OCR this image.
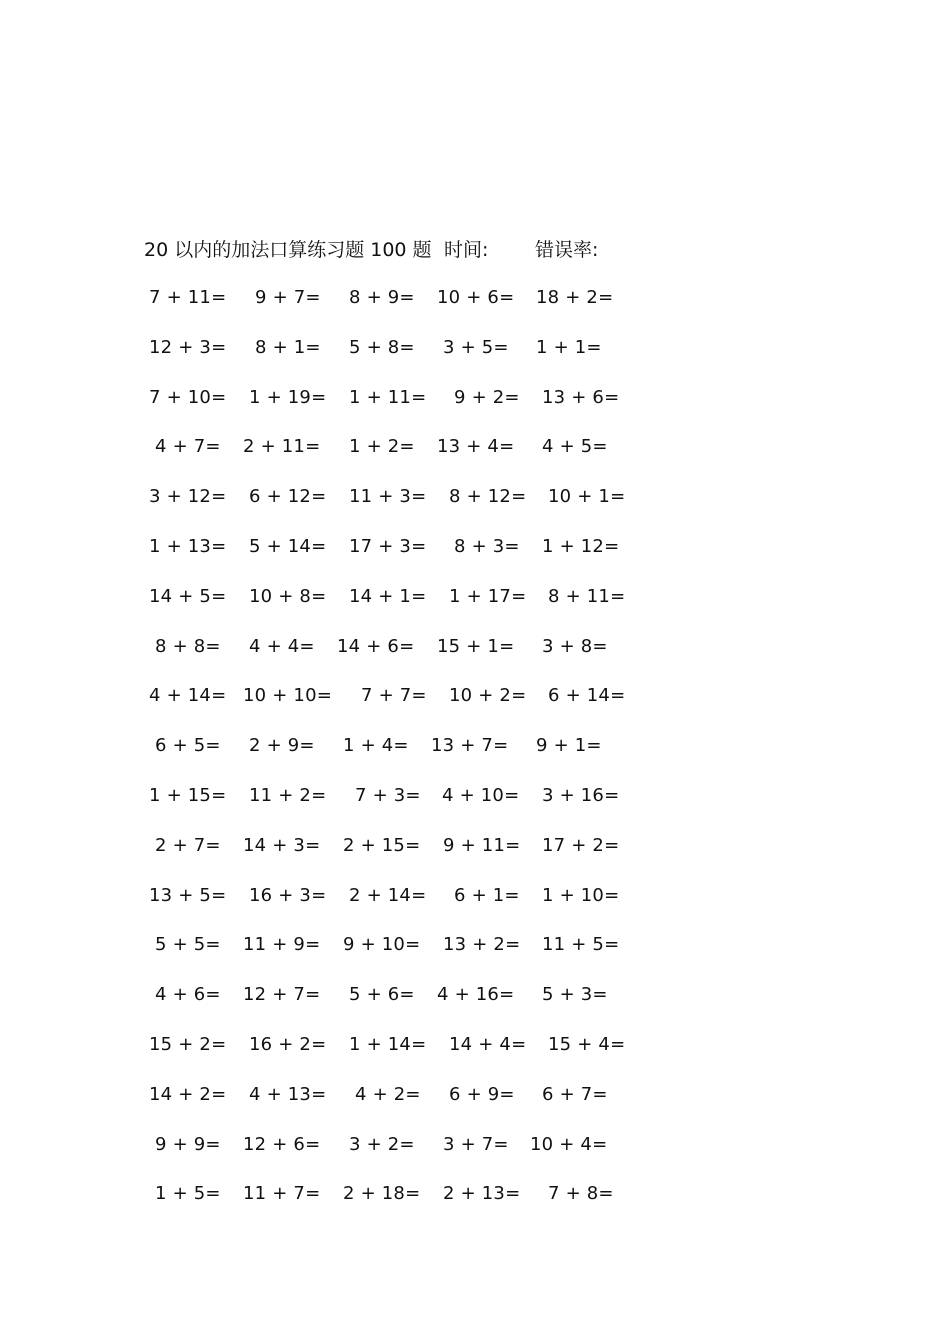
20 以内的加法口算练习题 100 题 时间: 错误率:
7 + 11= 9 + 7= 8 + 9= 10 + 6= 18 + 2=
12 + 3= 8 + 1= 5 + 8= 3 + 5= 1 + 1=
7 + 10= 1 + 19= 1 + 11= 9 + 2= 13 + 6=
4 + 7= 2 + 11= 1 + 2= 13 + 4= 4 + 5=
3 + 12= 6 + 12= 11 + 3= 8 + 12= 10 + 1=
1 + 13= 5 + 14= 17 + 3= 8 + 3= 1 + 12=
14 + 5= 10 + 8= 14 + 1= 1 + 17= 8 + 11=
8 + 8= 4 + 4= 14 + 6= 15 + 1= 3 + 8=
4 + 14= 10 + 10= 7 + 7= 10 + 2= 6 + 14=
6 + 5= 2 + 9= 1 + 4= 13 + 7= 9 + 1=
1 + 15= 11 + 2= 7 + 3= 4 + 10= 3 + 16=
2 + 7= 14 + 3= 2 + 15= 9 + 11= 17 + 2=
13 + 5= 16 + 3= 2 + 14= 6 + 1= 1 + 10=
5 + 5= 11 + 9= 9 + 10= 13 + 2= 11 + 5=
4 + 6= 12 + 7= 5 + 6= 4 + 16= 5 + 3=
15 + 2= 16 + 2= 1 + 14= 14 + 4= 15 + 4=
14 + 2= 4 + 13= 4 + 2= 6 + 9= 6 + 7=
9 + 9= 12 + 6= 3 + 2= 3 + 7= 10 + 4=
1 + 5= 11 + 7= 2 + 18= 2 + 13= 7 + 8=
